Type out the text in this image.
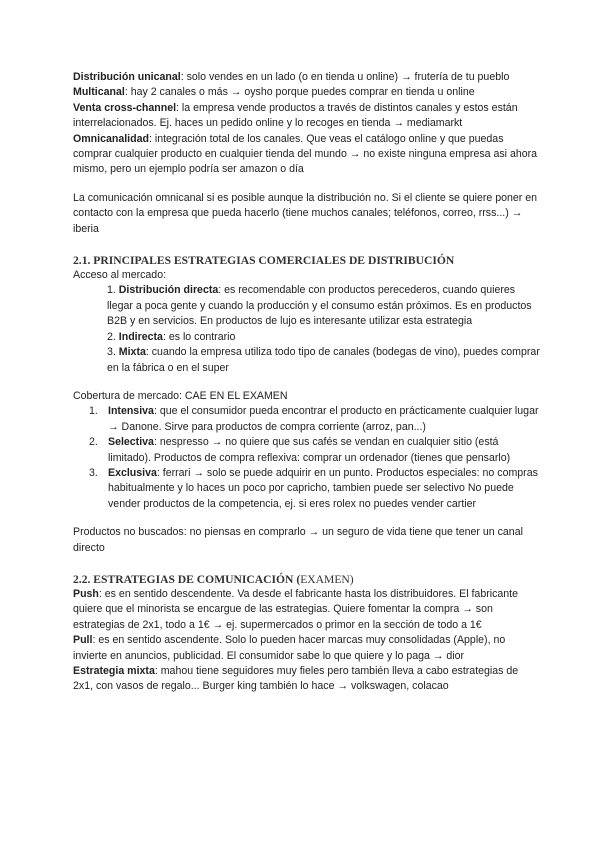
Distribución unicanal: solo vendes en un lado (o en tienda u online) → frutería de tu pueblo

Multicanal: hay 2 canales o más → oysho porque puedes comprar en tienda u online

Venta cross-channel: la empresa vende productos a través de distintos canales y estos están interrelacionados. Ej. haces un pedido online y lo recoges en tienda → mediamarkt

Omnicanalidad: integración total de los canales. Que veas el catálogo online y que puedas comprar cualquier producto en cualquier tienda del mundo → no existe ninguna empresa asi ahora mismo, pero un ejemplo podría ser amazon o día

La comunicación omnicanal si es posible aunque la distribución no. Si el cliente se quiere poner en contacto con la empresa que pueda hacerlo (tiene muchos canales; teléfonos, correo, rrss...) → iberia

2.1. PRINCIPALES ESTRATEGIAS COMERCIALES DE DISTRIBUCIÓN

Acceso al mercado:

1. Distribución directa: es recomendable con productos perecederos, cuando quieres llegar a poca gente y cuando la producción y el consumo están próximos. Es en productos B2B y en servicios. En productos de lujo es interesante utilizar esta estrategia

2. Indirecta: es lo contrario

3. Mixta: cuando la empresa utiliza todo tipo de canales (bodegas de vino), puedes comprar en la fábrica o en el super

Cobertura de mercado: CAE EN EL EXAMEN

1. Intensiva: que el consumidor pueda encontrar el producto en prácticamente cualquier lugar → Danone. Sirve para productos de compra corriente (arroz, pan...)
2. Selectiva: nespresso → no quiere que sus cafés se vendan en cualquier sitio (está limitado). Productos de compra reflexiva: comprar un ordenador (tienes que pensarlo)
3. Exclusiva: ferrari → solo se puede adquirir en un punto. Productos especiales: no compras habitualmente y lo haces un poco por capricho, tambien puede ser selectivo No puede vender productos de la competencia, ej. si eres rolex no puedes vender cartier

Productos no buscados: no piensas en comprarlo → un seguro de vida tiene que tener un canal directo

2.2. ESTRATEGIAS DE COMUNICACIÓN (EXAMEN)

Push: es en sentido descendente. Va desde el fabricante hasta los distribuidores. El fabricante quiere que el minorista se encargue de las estrategias. Quiere fomentar la compra → son estrategias de 2x1, todo a 1€ → ej. supermercados o primor en la sección de todo a 1€

Pull: es en sentido ascendente. Solo lo pueden hacer marcas muy consolidadas (Apple), no invierte en anuncios, publicidad. El consumidor sabe lo que quiere y lo paga → dior

Estrategia mixta: mahou tiene seguidores muy fieles pero también lleva a cabo estrategias de 2x1, con vasos de regalo... Burger king también lo hace → volkswagen, colacao
